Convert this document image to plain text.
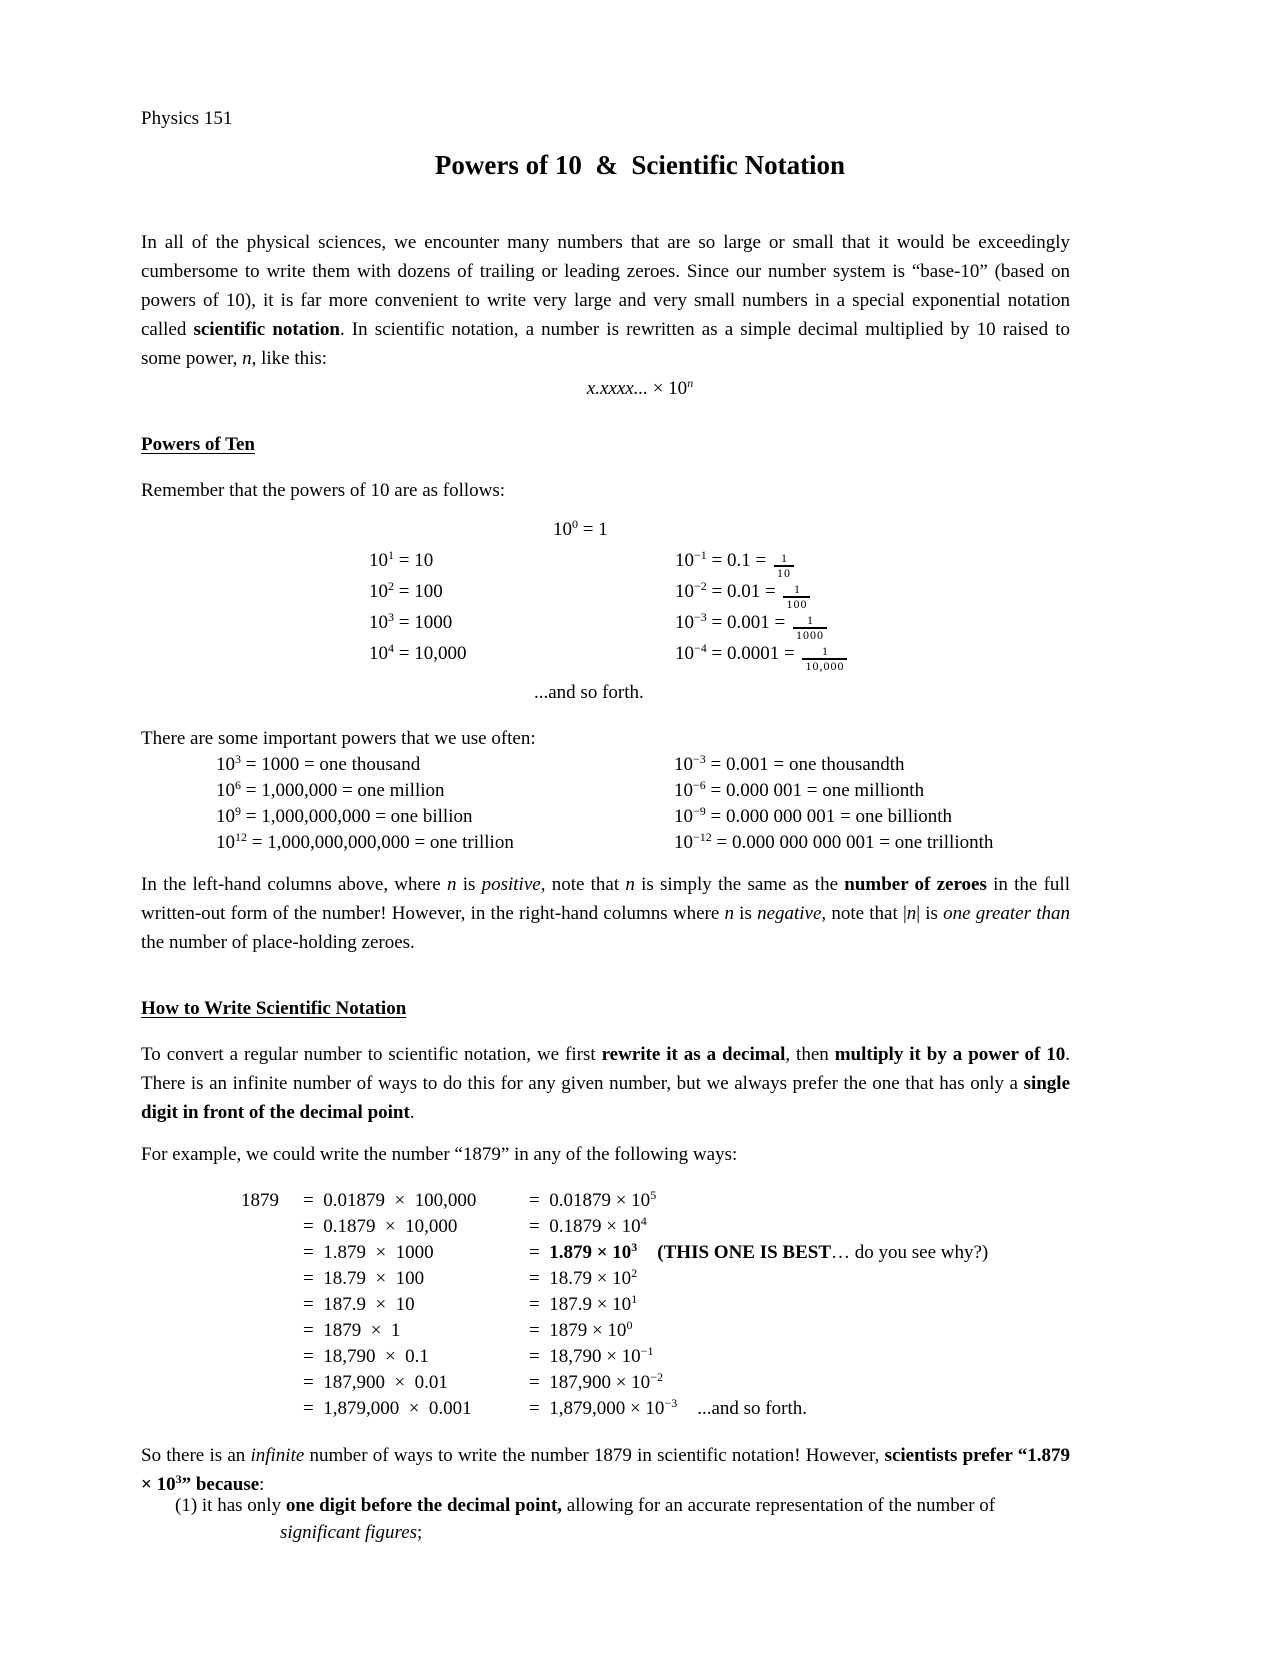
Physics 151
Powers of 10  &  Scientific Notation
In all of the physical sciences, we encounter many numbers that are so large or small that it would be exceedingly cumbersome to write them with dozens of trailing or leading zeroes. Since our number system is “base-10” (based on powers of 10), it is far more convenient to write very large and very small numbers in a special exponential notation called scientific notation. In scientific notation, a number is rewritten as a simple decimal multiplied by 10 raised to some power, n, like this:
x.xxxx... × $10^n$
Powers of Ten
Remember that the powers of 10 are as follows:
$10^0 = 1$
$10^1 = 10$	$10^{-1} = 0.1 = \frac{1}{10}$
$10^2 = 100$	$10^{-2} = 0.01 = \frac{1}{100}$
$10^3 = 1000$	$10^{-3} = 0.001 = \frac{1}{1000}$
$10^4 = 10,000$	$10^{-4} = 0.0001 = \frac{1}{10,000}$
...and so forth.
There are some important powers that we use often:
$10^3 = 1000$ = one thousand	$10^{-3} = 0.001$ = one thousandth
$10^6 = 1,000,000$ = one million	$10^{-6} = 0.000$ 001 = one millionth
$10^9 = 1,000,000,000$ = one billion	$10^{-9} = 0.000$ 000 001 = one billionth
$10^{12} = 1,000,000,000,000$ = one trillion	$10^{-12} = 0.000$ 000 000 001 = one trillionth
In the left-hand columns above, where n is positive, note that n is simply the same as the number of zeroes in the full written-out form of the number! However, in the right-hand columns where n is negative, note that |n| is one greater than the number of place-holding zeroes.
How to Write Scientific Notation
To convert a regular number to scientific notation, we first rewrite it as a decimal, then multiply it by a power of 10. There is an infinite number of ways to do this for any given number, but we always prefer the one that has only a single digit in front of the decimal point.
For example, we could write the number “1879” in any of the following ways:
1879	=  0.01879  ×  100,000	=  $0.01879 \times 10^5$
=  0.1879  ×  10,000	=  $0.1879 \times 10^4$
=  1.879  ×  1000	=  $1.879 \times 10^3$ (THIS ONE IS BEST… do you see why?)
=  18.79  ×  100	=  $18.79 \times 10^2$
=  187.9  ×  10	=  $187.9 \times 10^1$
=  1879  ×  1	=  $1879 \times 10^0$
=  18,790  ×  0.1	=  $18,790 \times 10^{-1}$
=  187,900  ×  0.01	=  $187,900 \times 10^{-2}$
=  1,879,000  ×  0.001	=  $1,879,000 \times 10^{-3}$ ...and so forth.
So there is an infinite number of ways to write the number 1879 in scientific notation! However, scientists prefer “$1.879 \times 10^3$” because:
(1) it has only one digit before the decimal point, allowing for an accurate representation of the number of
significant figures;
